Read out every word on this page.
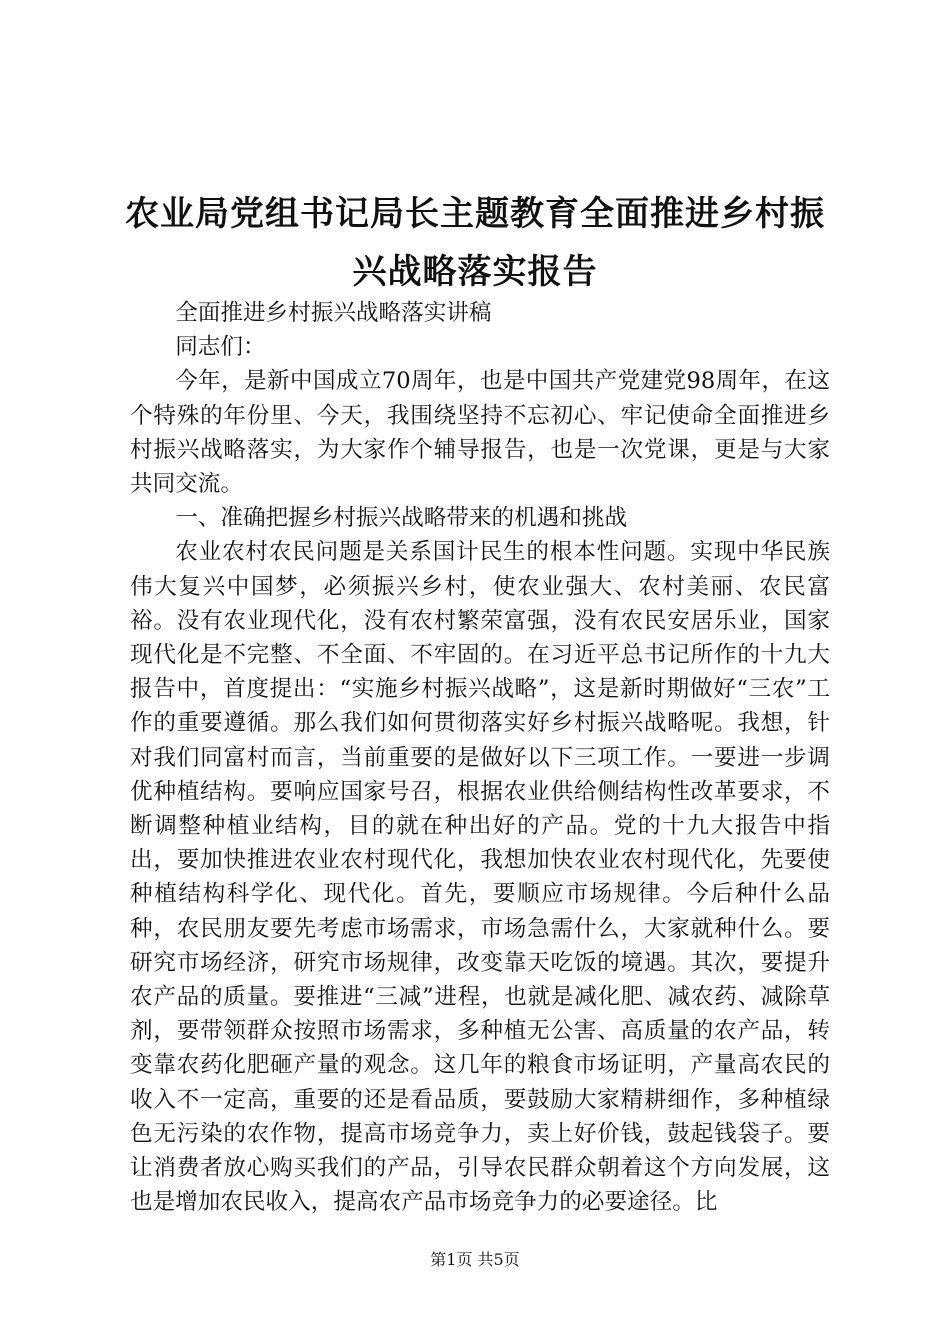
农业局党组书记局长主题教育全面推进乡村振
兴战略落实报告

全面推进乡村振兴战略落实讲稿

同志们：

今年，是新中国成立70周年，也是中国共产党建党98周年，在这个特殊的年份里、今天，我围绕坚持不忘初心、牢记使命全面推进乡村振兴战略落实，为大家作个辅导报告，也是一次党课，更是与大家共同交流。

一、准确把握乡村振兴战略带来的机遇和挑战

农业农村农民问题是关系国计民生的根本性问题。实现中华民族伟大复兴中国梦，必须振兴乡村，使农业强大、农村美丽、农民富裕。没有农业现代化，没有农村繁荣富强，没有农民安居乐业，国家现代化是不完整、不全面、不牢固的。在习近平总书记所作的十九大报告中，首度提出：“实施乡村振兴战略”，这是新时期做好“三农”工作的重要遵循。那么我们如何贯彻落实好乡村振兴战略呢。我想，针对我们同富村而言，当前重要的是做好以下三项工作。一要进一步调优种植结构。要响应国家号召，根据农业供给侧结构性改革要求，不断调整种植业结构，目的就在种出好的产品。党的十九大报告中指出，要加快推进农业农村现代化，我想加快农业农村现代化，先要使种植结构科学化、现代化。首先，要顺应市场规律。今后种什么品种，农民朋友要先考虑市场需求，市场急需什么，大家就种什么。要研究市场经济，研究市场规律，改变靠天吃饭的境遇。其次，要提升农产品的质量。要推进“三减”进程，也就是减化肥、减农药、减除草剂，要带领群众按照市场需求，多种植无公害、高质量的农产品，转变靠农药化肥砸产量的观念。这几年的粮食市场证明，产量高农民的收入不一定高，重要的还是看品质，要鼓励大家精耕细作，多种植绿色无污染的农作物，提高市场竞争力，卖上好价钱，鼓起钱袋子。要让消费者放心购买我们的产品，引导农民群众朝着这个方向发展，这也是增加农民收入，提高农产品市场竞争力的必要途径。比

第1页 共5页
